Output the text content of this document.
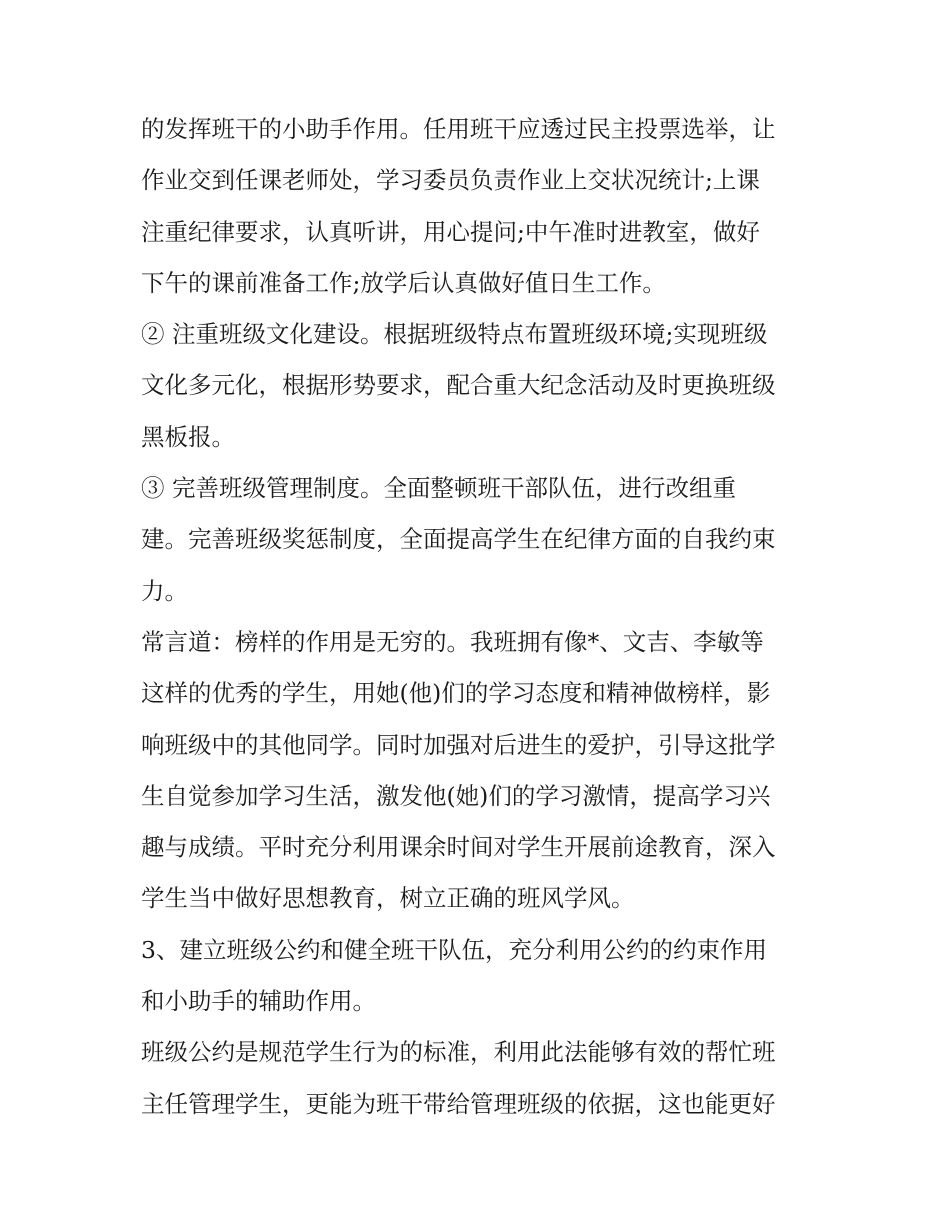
的发挥班干的小助手作用。任用班干应透过民主投票选举，让
作业交到任课老师处，学习委员负责作业上交状况统计;上课
注重纪律要求，认真听讲，用心提问;中午准时进教室，做好
下午的课前准备工作;放学后认真做好值日生工作。
② 注重班级文化建设。根据班级特点布置班级环境;实现班级
文化多元化，根据形势要求，配合重大纪念活动及时更换班级
黑板报。
③ 完善班级管理制度。全面整顿班干部队伍，进行改组重
建。完善班级奖惩制度，全面提高学生在纪律方面的自我约束
力。
常言道：榜样的作用是无穷的。我班拥有像*、文吉、李敏等
这样的优秀的学生，用她(他)们的学习态度和精神做榜样，影
响班级中的其他同学。同时加强对后进生的爱护，引导这批学
生自觉参加学习生活，激发他(她)们的学习激情，提高学习兴
趣与成绩。平时充分利用课余时间对学生开展前途教育，深入
学生当中做好思想教育，树立正确的班风学风。
3、建立班级公约和健全班干队伍，充分利用公约的约束作用
和小助手的辅助作用。
班级公约是规范学生行为的标准，利用此法能够有效的帮忙班
主任管理学生，更能为班干带给管理班级的依据，这也能更好
